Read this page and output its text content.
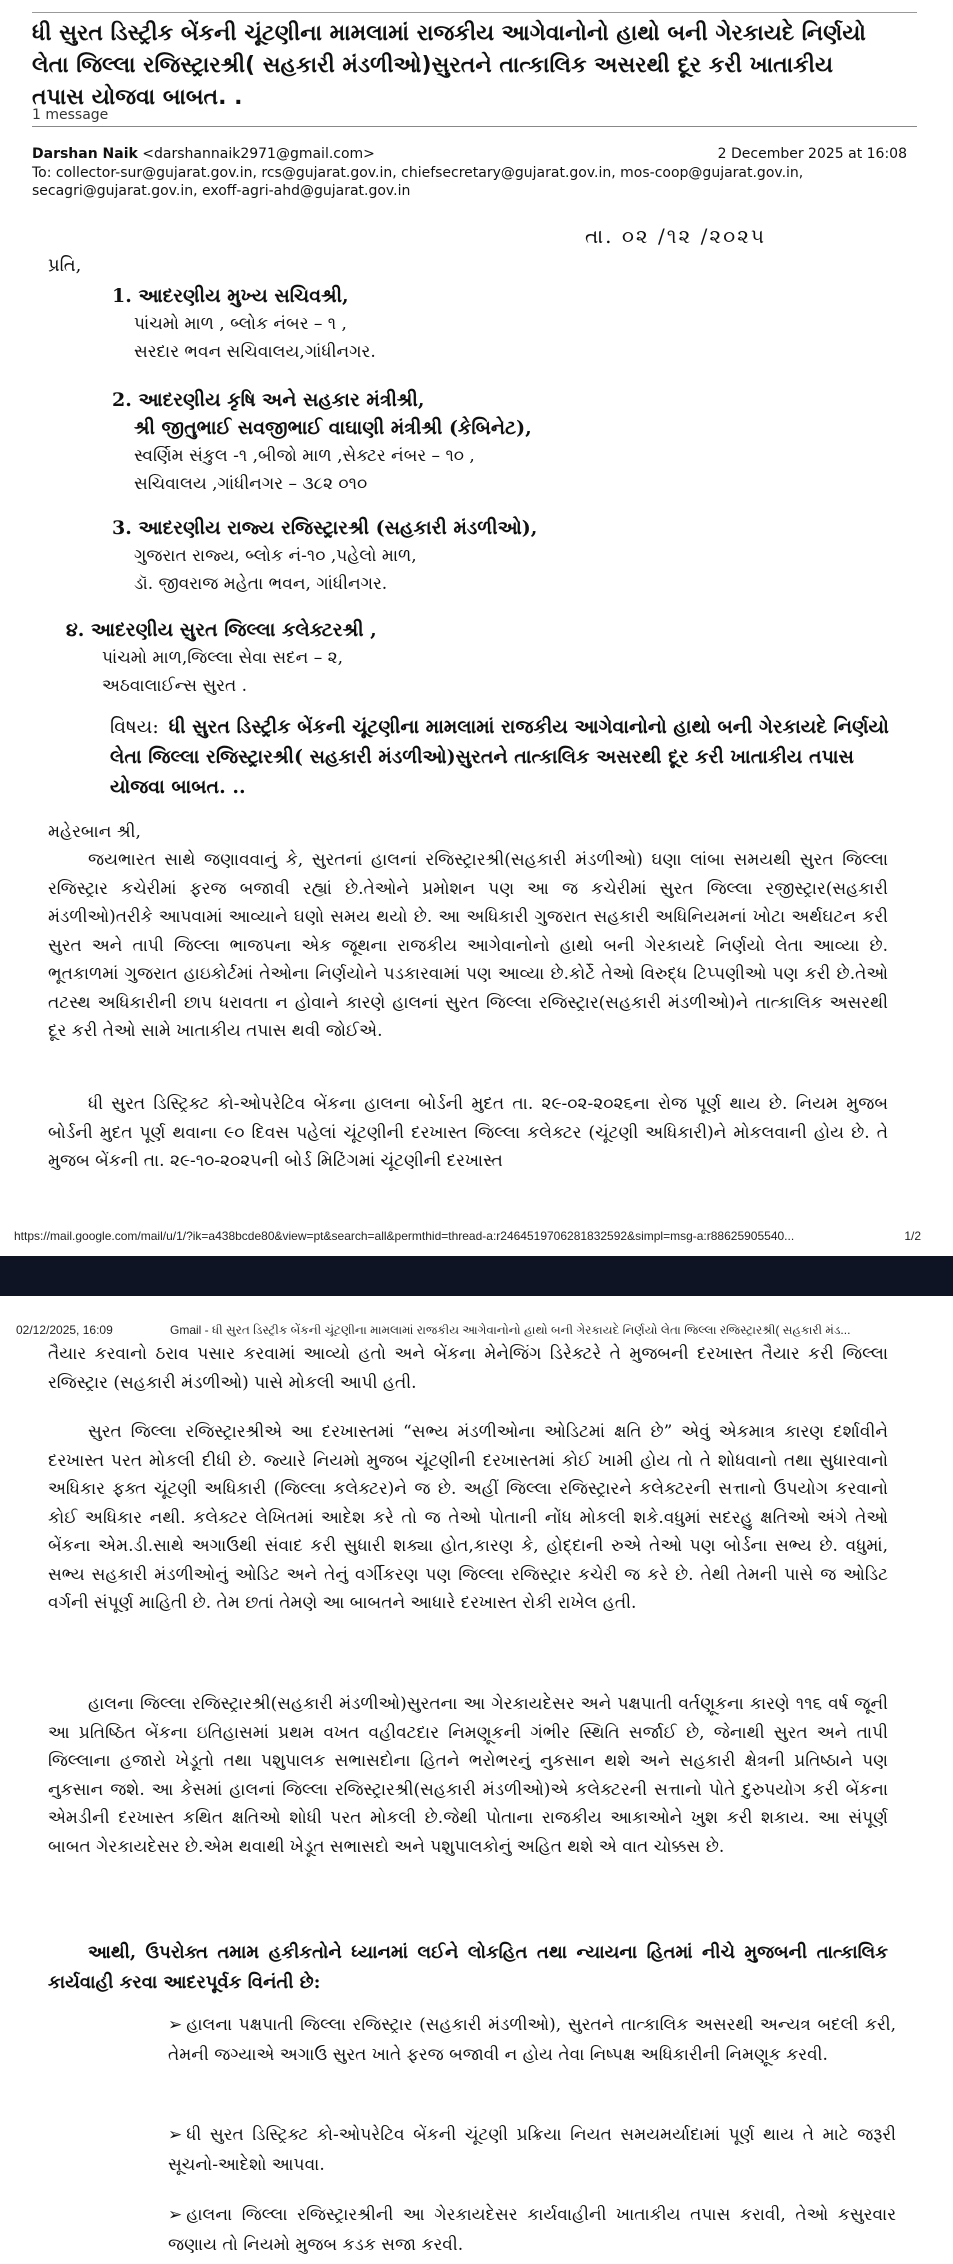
ધી સુરત ડિસ્ટ્રીક બેંકની ચૂંટણીના મામલામાં રાજકીય આગેવાનોનો હાથો બની ગેરકાયદે નિર્ણયો લેતા જિલ્લા રજિસ્ટ્રારશ્રી( સહકારી મંડળીઓ)સુરતને તાત્કાલિક અસરથી દૂર કરી ખાતાકીય તપાસ યોજવા બાબત. .
1 message
Darshan Naik <darshannaik2971@gmail.com>	2 December 2025 at 16:08
To: collector-sur@gujarat.gov.in, rcs@gujarat.gov.in, chiefsecretary@gujarat.gov.in, mos-coop@gujarat.gov.in, secagri@gujarat.gov.in, exoff-agri-ahd@gujarat.gov.in
તા. ૦૨ /૧૨ /૨૦૨૫
પ્રતિ,
1. આદરણીય મુખ્ય સચિવશ્રી,
પાંચમો માળ , બ્લોક નંબર – ૧ ,
સરદાર ભવન સચિવાલય,ગાંધીનગર.
2. આદરણીય કૃષિ અને સહકાર મંત્રીશ્રી,
શ્રી જીતુભાઈ સવજીભાઈ વાઘાણી મંત્રીશ્રી (કેબિનેટ),
સ્વર્ણિમ સંકુલ -૧ ,બીજો માળ ,સેક્ટર નંબર – ૧૦ ,
સચિવાલય ,ગાંધીનગર – ૩૮૨ ૦૧૦
3. આદરણીય રાજ્ય રજિસ્ટ્રારશ્રી (સહકારી મંડળીઓ),
ગુજરાત રાજ્ય, બ્લોક નં-૧૦ ,પહેલો માળ,
ડૉ. જીવરાજ મહેતા ભવન, ગાંધીનગર.
૪. આદરણીય સુરત જિલ્લા કલેક્ટરશ્રી ,
પાંચમો માળ,જિલ્લા સેવા સદન – ૨,
અઠવાલાઈન્સ સુરત .
વિષય: ધી સુરત ડિસ્ટ્રીક બેંકની ચૂંટણીના મામલામાં રાજકીય આગેવાનોનો હાથો બની ગેરકાયદે નિર્ણયો લેતા જિલ્લા રજિસ્ટ્રારશ્રી( સહકારી મંડળીઓ)સુરતને તાત્કાલિક અસરથી દૂર કરી ખાતાકીય તપાસ યોજવા બાબત. ..
મહેરબાન શ્રી,

જયભારત સાથે જણાવવાનું કે, સુરતનાં હાલનાં રજિસ્ટ્રારશ્રી(સહકારી મંડળીઓ) ઘણા લાંબા સમયથી સુરત જિલ્લા રજિસ્ટ્રાર કચેરીમાં ફરજ બજાવી રહ્યાં છે.તેઓને પ્રમોશન પણ આ જ કચેરીમાં સુરત જિલ્લા રજીસ્ટ્રાર(સહકારી મંડળીઓ)તરીકે આપવામાં આવ્યાને ઘણો સમય થયો છે. આ અધિકારી ગુજરાત સહકારી અધિનિયમનાં ખોટા અર્થઘટન કરી સુરત અને તાપી જિલ્લા ભાજપના એક જૂથના રાજકીય આગેવાનોનો હાથો બની ગેરકાયદે નિર્ણયો લેતા આવ્યા છે. ભૂતકાળમાં ગુજરાત હાઇકોર્ટમાં તેઓના નિર્ણયોને પડકારવામાં પણ આવ્યા છે.કોર્ટે તેઓ વિરુદ્ધ ટિપ્પણીઓ પણ કરી છે.તેઓ તટસ્થ અધિકારીની છાપ ધરાવતા ન હોવાને કારણે હાલનાં સુરત જિલ્લા રજિસ્ટ્રાર(સહકારી મંડળીઓ)ને તાત્કાલિક અસરથી દૂર કરી તેઓ સામે ખાતાકીય તપાસ થવી જોઈએ.

ધી સુરત ડિસ્ટ્રિક્ટ કો-ઓપરેટિવ બેંકના હાલના બોર્ડની મુદત તા. ૨૯-૦૨-૨૦૨૬ના રોજ પૂર્ણ થાય છે. નિયમ મુજબ બોર્ડની મુદત પૂર્ણ થવાના ૯૦ દિવસ પહેલાં ચૂંટણીની દરખાસ્ત જિલ્લા કલેક્ટર (ચૂંટણી અધિકારી)ને મોકલવાની હોય છે. તે મુજબ બેંકની તા. ૨૯-૧૦-૨૦૨૫ની બોર્ડ મિટિંગમાં ચૂંટણીની દરખાસ્ત

https://mail.google.com/mail/u/1/?ik=a438bcde80&view=pt&search=all&permthid=thread-a:r2464519706281832592&simpl=msg-a:r88625905540...	1/2
02/12/2025, 16:09	Gmail - ધી સુરત ડિસ્ટ્રીક બેંકની ચૂંટણીના મામલામાં રાજકીય આગેવાનોનો હાથો બની ગેરકાયદે નિર્ણયો લેતા જિલ્લા રજિસ્ટ્રારશ્રી( સહકારી મંડ...

તૈયાર કરવાનો ઠરાવ પસાર કરવામાં આવ્યો હતો અને બેંકના મેનેજિંગ ડિરેક્ટરે તે મુજબની દરખાસ્ત તૈયાર કરી જિલ્લા રજિસ્ટ્રાર (સહકારી મંડળીઓ) પાસે મોકલી આપી હતી.

સુરત જિલ્લા રજિસ્ટ્રારશ્રીએ આ દરખાસ્તમાં “સભ્ય મંડળીઓના ઓડિટમાં ક્ષતિ છે” એવું એકમાત્ર કારણ દર્શાવીને દરખાસ્ત પરત મોકલી દીધી છે. જ્યારે નિયમો મુજબ ચૂંટણીની દરખાસ્તમાં કોઈ ખામી હોય તો તે શોધવાનો તથા સુધારવાનો અધિકાર ફક્ત ચૂંટણી અધિકારી (જિલ્લા કલેક્ટર)ને જ છે. અહીં જિલ્લા રજિસ્ટ્રારને કલેક્ટરની સત્તાનો ઉપયોગ કરવાનો કોઈ અધિકાર નથી. કલેક્ટર લેખિતમાં આદેશ કરે તો જ તેઓ પોતાની નોંધ મોકલી શકે.વધુમાં સદરહુ ક્ષતિઓ અંગે તેઓ બેંકના એમ.ડી.સાથે અગાઉથી સંવાદ કરી સુધારી શક્યા હોત,કારણ કે, હોદ્દાની રુએ તેઓ પણ બોર્ડના સભ્ય છે. વધુમાં, સભ્ય સહકારી મંડળીઓનું ઓડિટ અને તેનું વર્ગીકરણ પણ જિલ્લા રજિસ્ટ્રાર કચેરી જ કરે છે. તેથી તેમની પાસે જ ઓડિટ વર્ગની સંપૂર્ણ માહિતી છે. તેમ છતાં તેમણે આ બાબતને આધારે દરખાસ્ત રોકી રાખેલ હતી.

હાલના જિલ્લા રજિસ્ટ્રારશ્રી(સહકારી મંડળીઓ)સુરતના આ ગેરકાયદેસર અને પક્ષપાતી વર્તણૂકના કારણે ૧૧૬ વર્ષ જૂની આ પ્રતિષ્ઠિત બેંકના ઇતિહાસમાં પ્રથમ વખત વહીવટદાર નિમણૂકની ગંભીર સ્થિતિ સર્જાઈ છે, જેનાથી સુરત અને તાપી જિલ્લાના હજારો ખેડૂતો તથા પશુપાલક સભાસદોના હિતને ભરોભરનું નુકસાન થશે અને સહકારી ક્ષેત્રની પ્રતિષ્ઠાને પણ નુકસાન જશે. આ કેસમાં હાલનાં જિલ્લા રજિસ્ટ્રારશ્રી(સહકારી મંડળીઓ)એ કલેક્ટરની સત્તાનો પોતે દુરુપયોગ કરી બેંકના એમડીની દરખાસ્ત કથિત ક્ષતિઓ શોધી પરત મોકલી છે.જેથી પોતાના રાજકીય આકાઓને ખુશ કરી શકાય. આ સંપૂર્ણ બાબત ગેરકાયદેસર છે.એમ થવાથી ખેડૂત સભાસદો અને પશુપાલકોનું અહિત થશે એ વાત ચોક્કસ છે.

આથી, ઉપરોક્ત તમામ હકીકતોને ધ્યાનમાં લઈને લોકહિત તથા ન્યાયના હિતમાં નીચે મુજબની તાત્કાલિક કાર્યવાહી કરવા આદરપૂર્વક વિનંતી છે:

➢ હાલના પક્ષપાતી જિલ્લા રજિસ્ટ્રાર (સહકારી મંડળીઓ), સુરતને તાત્કાલિક અસરથી અન્યત્ર બદલી કરી, તેમની જગ્યાએ અગાઉ સુરત ખાતે ફરજ બજાવી ન હોય તેવા નિષ્પક્ષ અધિકારીની નિમણૂક કરવી.

➢ ધી સુરત ડિસ્ટ્રિક્ટ કો-ઓપરેટિવ બેંકની ચૂંટણી પ્રક્રિયા નિયત સમયમર્યાદામાં પૂર્ણ થાય તે માટે જરૂરી સૂચનો-આદેશો આપવા.

➢ હાલના જિલ્લા રજિસ્ટ્રારશ્રીની આ ગેરકાયદેસર કાર્યવાહીની ખાતાકીય તપાસ કરાવી, તેઓ કસુરવાર જણાય તો નિયમો મુજબ કડક સજા કરવી.
